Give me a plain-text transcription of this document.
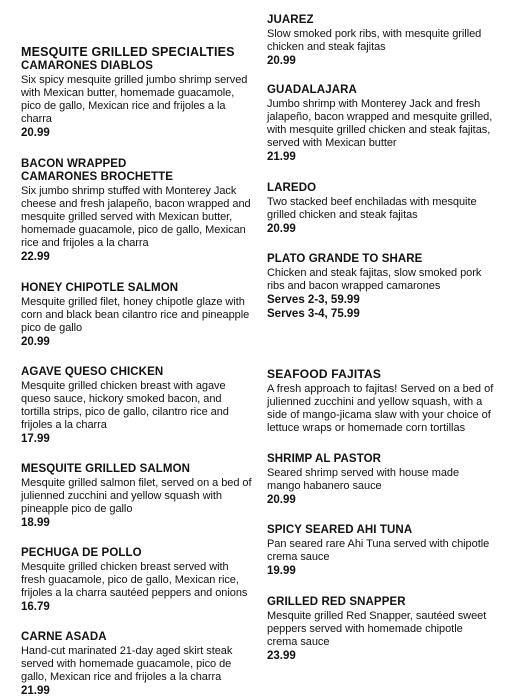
MESQUITE GRILLED SPECIALTIES
CAMARONES DIABLOS
Six spicy mesquite grilled jumbo shrimp served with Mexican butter, homemade guacamole, pico de gallo, Mexican rice and frijoles a la charra
20.99
BACON WRAPPED CAMARONES BROCHETTE
Six jumbo shrimp stuffed with Monterey Jack cheese and fresh jalapeño, bacon wrapped and mesquite grilled served with Mexican butter, homemade guacamole, pico de gallo, Mexican rice and frijoles a la charra
22.99
HONEY CHIPOTLE SALMON
Mesquite grilled filet, honey chipotle glaze with corn and black bean cilantro rice and pineapple pico de gallo
20.99
AGAVE QUESO CHICKEN
Mesquite grilled chicken breast with agave queso sauce, hickory smoked bacon, and tortilla strips, pico de gallo, cilantro rice and frijoles a la charra
17.99
MESQUITE GRILLED SALMON
Mesquite grilled salmon filet, served on a bed of julienned zucchini and yellow squash with pineapple pico de gallo
18.99
PECHUGA DE POLLO
Mesquite grilled chicken breast served with fresh guacamole, pico de gallo, Mexican rice, frijoles a la charra sautéed peppers and onions
16.79
CARNE ASADA
Hand-cut marinated 21-day aged skirt steak served with homemade guacamole, pico de gallo, Mexican rice and frijoles a la charra
21.99
JUAREZ
Slow smoked pork ribs, with mesquite grilled chicken and steak fajitas
20.99
GUADALAJARA
Jumbo shrimp with Monterey Jack and fresh jalapeño, bacon wrapped and mesquite grilled, with mesquite grilled chicken and steak fajitas, served with Mexican butter
21.99
LAREDO
Two stacked beef enchiladas with mesquite grilled chicken and steak fajitas
20.99
PLATO GRANDE TO SHARE
Chicken and steak fajitas, slow smoked pork ribs and bacon wrapped camarones
Serves 2-3, 59.99
Serves 3-4, 75.99
SEAFOOD FAJITAS
A fresh approach to fajitas! Served on a bed of julienned zucchini and yellow squash, with a side of mango-jicama slaw with your choice of lettuce wraps or homemade corn tortillas
SHRIMP AL PASTOR
Seared shrimp served with house made mango habanero sauce
20.99
SPICY SEARED AHI TUNA
Pan seared rare Ahi Tuna served with chipotle crema sauce
19.99
GRILLED RED SNAPPER
Mesquite grilled Red Snapper, sautéed sweet peppers served with homemade chipotle crema sauce
23.99
